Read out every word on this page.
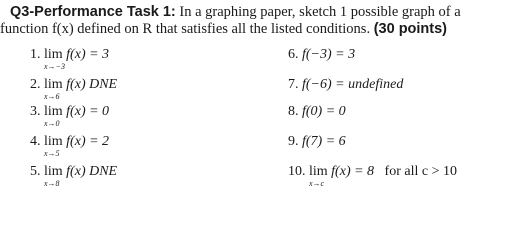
Q3-Performance Task 1: In a graphing paper, sketch 1 possible graph of a
function f(x) defined on R that satisfies all the listed conditions. (30 points)
1. lim
x→−3
f(x) = 3
2. lim
x→6
f(x) DNE
3. lim
x→0
f(x) = 0
4. lim
x→5
f(x) = 2
5. lim
x→8
f(x) DNE
6. f(−3) = 3
7. f(−6) = undefined
8. f(0) = 0
9. f(7) = 6
10. lim
x→c
f(x) = 8   for all c > 10
